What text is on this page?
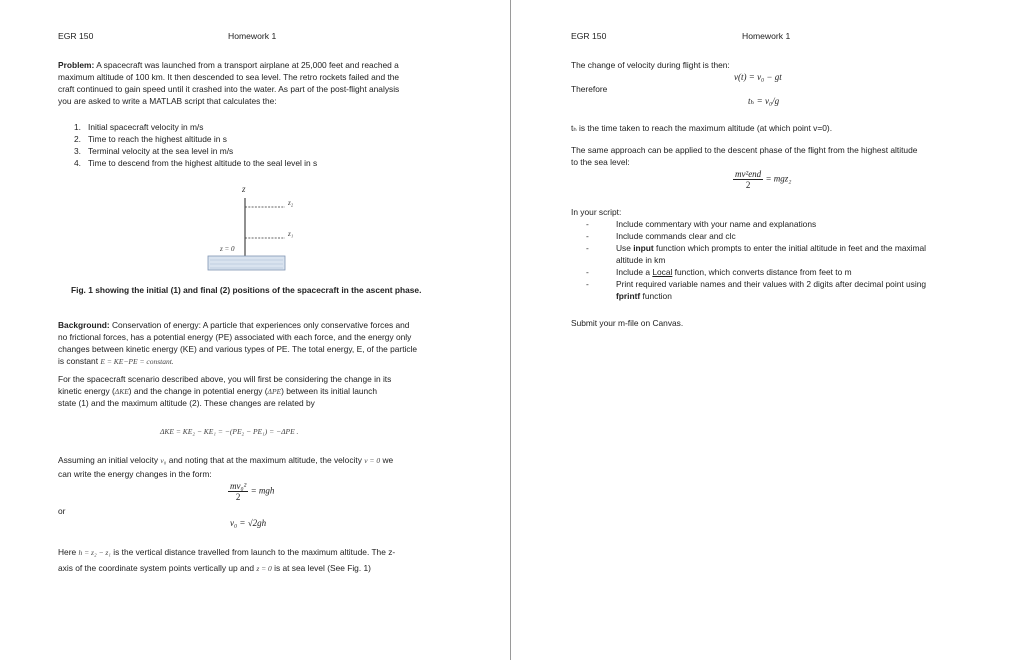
EGR 150	Homework 1
Problem: A spacecraft was launched from a transport airplane at 25,000 feet and reached a
maximum altitude of 100 km. It then descended to sea level. The retro rockets failed and the
craft continued to gain speed until it crashed into the water. As part of the post-flight analysis
you are asked to write a MATLAB script that calculates the:
1. Initial spacecraft velocity in m/s
2. Time to reach the highest altitude in s
3. Terminal velocity at the sea level in m/s
4. Time to descend from the highest altitude to the seal level in s
z
z₂
z₁
z = 0
Fig. 1 showing the initial (1) and final (2) positions of the spacecraft in the ascent phase.
Background: Conservation of energy: A particle that experiences only conservative forces and
no frictional forces, has a potential energy (PE) associated with each force, and the energy only
changes between kinetic energy (KE) and various types of PE. The total energy, E, of the particle
is constant E = KE−PE = constant.
For the spacecraft scenario described above, you will first be considering the change in its
kinetic energy (ΔKE) and the change in potential energy (ΔPE) between its initial launch
state (1) and the maximum altitude (2). These changes are related by
ΔKE = KE₂ − KE₁ = −(PE₂ − PE₁) = −ΔPE .
Assuming an initial velocity v₀ and noting that at the maximum altitude, the velocity v = 0 we
can write the energy changes in the form:
$\frac{\text{mv₀²}}{2}$ = mgh
or
v₀ = √2gh
Here h = z₂ − z₁ is the vertical distance travelled from launch to the maximum altitude. The z-
axis of the coordinate system points vertically up and z = 0 is at sea level (See Fig. 1)
EGR 150	Homework 1
The change of velocity during flight is then:
v(t) = v₀ − gt
Therefore
tₕ = v₀/g
tₕ is the time taken to reach the maximum altitude (at which point v=0).
The same approach can be applied to the descent phase of the flight from the highest altitude
to the sea level:
$\frac{\text{mv²end}}{2} = mgz_2$
In your script:
-	Include commentary with your name and explanations
-	Include commands clear and clc
-	Use input function which prompts to enter the initial altitude in feet and the maximal
altitude in km
-	Include a Local function, which converts distance from feet to m
-	Print required variable names and their values with 2 digits after decimal point using
fprintf function
Submit your m-file on Canvas.
